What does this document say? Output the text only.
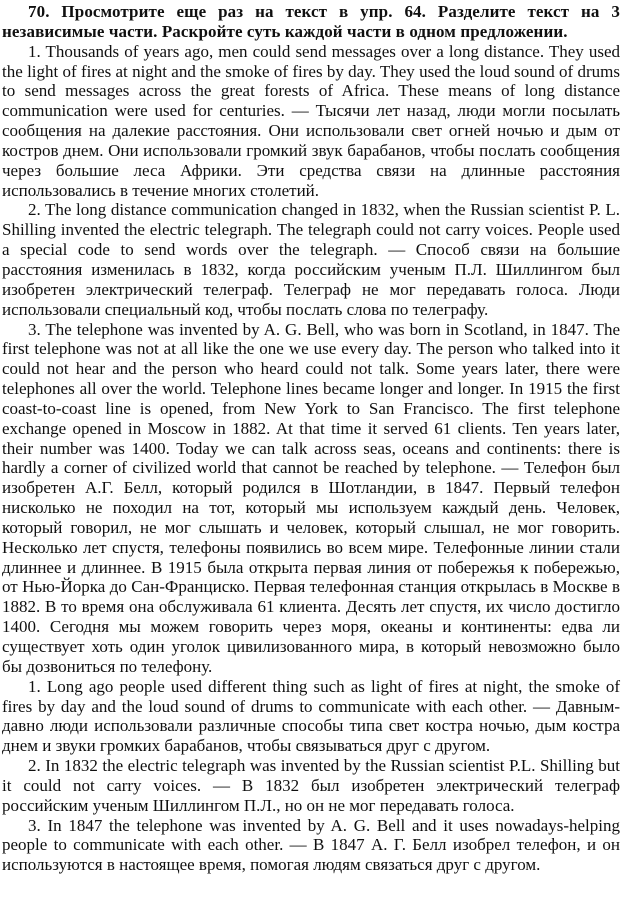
70. Просмотрите еще раз на текст в упр. 64. Разделите текст на 3 независимые части. Раскройте суть каждой части в одном предложении.

1. Thousands of years ago, men could send messages over a long distance. They used the light of fires at night and the smoke of fires by day. They used the loud sound of drums to send messages across the great forests of Africa. These means of long distance communication were used for centuries. — Тысячи лет назад, люди могли посылать сообщения на далекие расстояния. Они использовали свет огней ночью и дым от костров днем. Они использовали громкий звук барабанов, чтобы послать сообщения через большие леса Африки. Эти средства связи на длинные расстояния использовались в течение многих столетий.

2. The long distance communication changed in 1832, when the Russian scientist P. L. Shilling invented the electric telegraph. The telegraph could not carry voices. People used a special code to send words over the telegraph. — Способ связи на большие расстояния изменилась в 1832, когда российским ученым П.Л. Шиллингом был изобретен электрический телеграф. Телеграф не мог передавать голоса. Люди использовали специальный код, чтобы послать слова по телеграфу.

3. The telephone was invented by A. G. Bell, who was born in Scotland, in 1847. The first telephone was not at all like the one we use every day. The person who talked into it could not hear and the person who heard could not talk. Some years later, there were telephones all over the world. Telephone lines became longer and longer. In 1915 the first coast-to-coast line is opened, from New York to San Francisco. The first telephone exchange opened in Moscow in 1882. At that time it served 61 clients. Ten years later, their number was 1400. Today we can talk across seas, oceans and continents: there is hardly a corner of civilized world that cannot be reached by telephone. — Телефон был изобретен А.Г. Белл, который родился в Шотландии, в 1847. Первый телефон нисколько не походил на тот, который мы используем каждый день. Человек, который говорил, не мог слышать и человек, который слышал, не мог говорить. Несколько лет спустя, телефоны появились во всем мире. Телефонные линии стали длиннее и длиннее. В 1915 была открыта первая линия от побережья к побережью, от Нью-Йорка до Сан-Франциско. Первая телефонная станция открылась в Москве в 1882. В то время она обслуживала 61 клиента. Десять лет спустя, их число достигло 1400. Сегодня мы можем говорить через моря, океаны и континенты: едва ли существует хоть один уголок цивилизованного мира, в который невозможно было бы дозвониться по телефону.

1. Long ago people used different thing such as light of fires at night, the smoke of fires by day and the loud sound of drums to communicate with each other. — Давным-давно люди использовали различные способы типа свет костра ночью, дым костра днем и звуки громких барабанов, чтобы связываться друг с другом.

2. In 1832 the electric telegraph was invented by the Russian scientist P.L. Shilling but it could not carry voices. — В 1832 был изобретен электрический телеграф российским ученым Шиллингом П.Л., но он не мог передавать голоса.

3. In 1847 the telephone was invented by A. G. Bell and it uses nowadays-helping people to communicate with each other. — В 1847 А. Г. Белл изобрел телефон, и он используются в настоящее время, помогая людям связаться друг с другом.
